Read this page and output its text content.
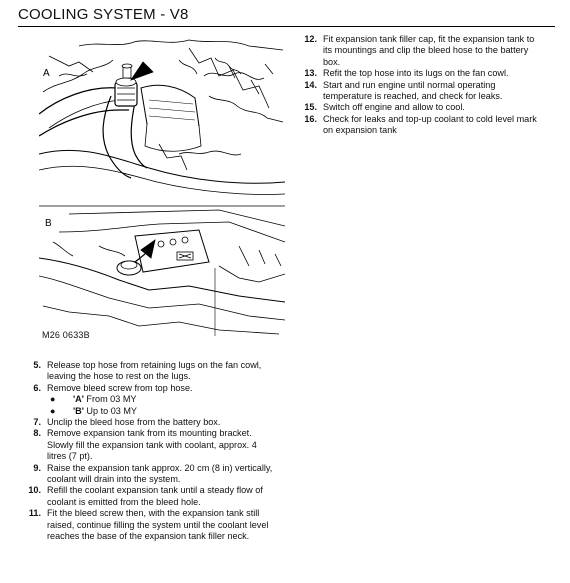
COOLING SYSTEM - V8
A
B
M26 0633B
5. Release top hose from retaining lugs on the fan cowl, leaving the hose to rest on the lugs.
6. Remove bleed screw from top hose.
● 'A' From 03 MY
● 'B' Up to 03 MY
7. Unclip the bleed hose from the battery box.
8. Remove expansion tank from its mounting bracket. Slowly fill the expansion tank with coolant, approx. 4 litres (7 pt).
9. Raise the expansion tank approx. 20 cm (8 in) vertically, coolant will drain into the system.
10. Refill the coolant expansion tank until a steady flow of coolant is emitted from the bleed hole.
11. Fit the bleed screw then, with the expansion tank still raised, continue filling the system until the coolant level reaches the base of the expansion tank filler neck.
12. Fit expansion tank filler cap, fit the expansion tank to its mountings and clip the bleed hose to the battery box.
13. Refit the top hose into its lugs on the fan cowl.
14. Start and run engine until normal operating temperature is reached, and check for leaks.
15. Switch off engine and allow to cool.
16. Check for leaks and top-up coolant to cold level mark on expansion tank
